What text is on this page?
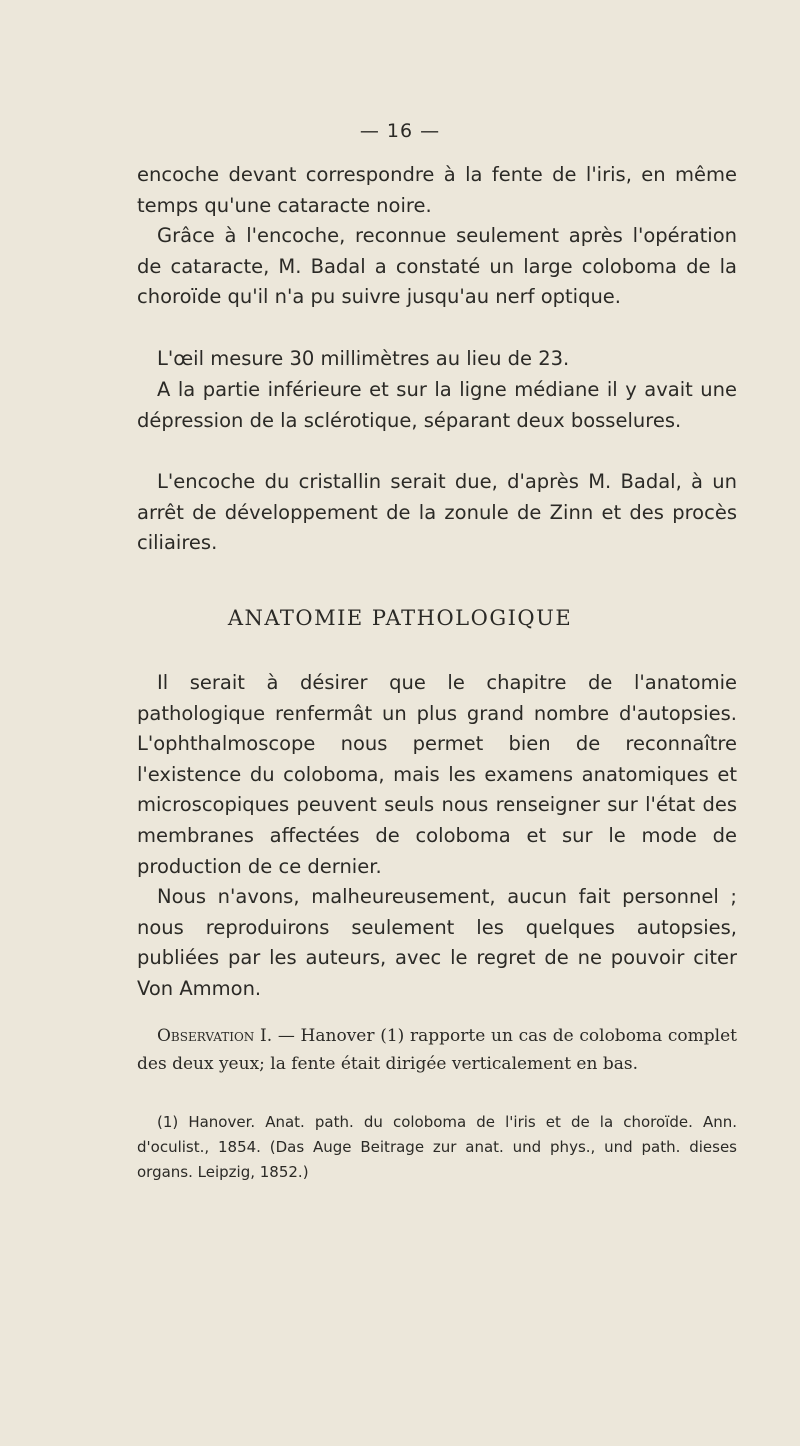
— 16 —

encoche devant correspondre à la fente de l'iris, en même temps qu'une cataracte noire.

Grâce à l'encoche, reconnue seulement après l'opération de cataracte, M. Badal a constaté un large coloboma de la choroïde qu'il n'a pu suivre jusqu'au nerf optique.

L'œil mesure 30 millimètres au lieu de 23.

A la partie inférieure et sur la ligne médiane il y avait une dépression de la sclérotique, séparant deux bosselures.

L'encoche du cristallin serait due, d'après M. Badal, à un arrêt de développement de la zonule de Zinn et des procès ciliaires.

ANATOMIE PATHOLOGIQUE

Il serait à désirer que le chapitre de l'anatomie pathologique renfermât un plus grand nombre d'autopsies. L'ophthalmoscope nous permet bien de reconnaître l'existence du coloboma, mais les examens anatomiques et microscopiques peuvent seuls nous renseigner sur l'état des membranes affectées de coloboma et sur le mode de production de ce dernier.

Nous n'avons, malheureusement, aucun fait personnel ; nous reproduirons seulement les quelques autopsies, publiées par les auteurs, avec le regret de ne pouvoir citer Von Ammon.

Observation I. — Hanover (1) rapporte un cas de coloboma complet des deux yeux; la fente était dirigée verticalement en bas.

(1) Hanover. Anat. path. du coloboma de l'iris et de la choroïde. Ann. d'oculist., 1854. (Das Auge Beitrage zur anat. und phys., und path. dieses organs. Leipzig, 1852.)
